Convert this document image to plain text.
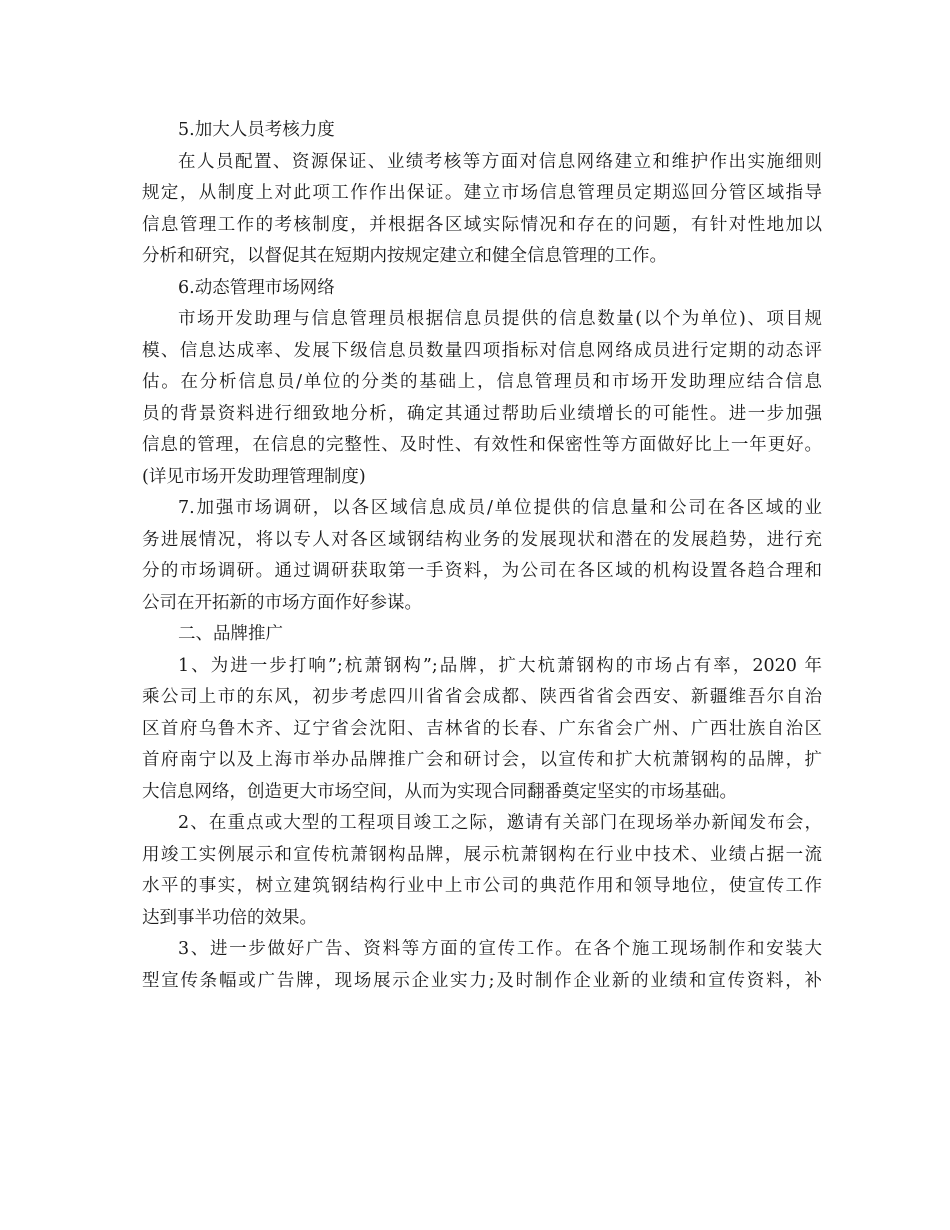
5.加大人员考核力度

在人员配置、资源保证、业绩考核等方面对信息网络建立和维护作出实施细则

规定，从制度上对此项工作作出保证。建立市场信息管理员定期巡回分管区域指导

信息管理工作的考核制度，并根据各区域实际情况和存在的问题，有针对性地加以

分析和研究，以督促其在短期内按规定建立和健全信息管理的工作。

6.动态管理市场网络

市场开发助理与信息管理员根据信息员提供的信息数量(以个为单位)、项目规

模、信息达成率、发展下级信息员数量四项指标对信息网络成员进行定期的动态评

估。在分析信息员/单位的分类的基础上，信息管理员和市场开发助理应结合信息

员的背景资料进行细致地分析，确定其通过帮助后业绩增长的可能性。进一步加强

信息的管理，在信息的完整性、及时性、有效性和保密性等方面做好比上一年更好。

(详见市场开发助理管理制度)

7.加强市场调研，以各区域信息成员/单位提供的信息量和公司在各区域的业

务进展情况，将以专人对各区域钢结构业务的发展现状和潜在的发展趋势，进行充

分的市场调研。通过调研获取第一手资料，为公司在各区域的机构设置各趋合理和

公司在开拓新的市场方面作好参谋。

二、品牌推广

1、为进一步打响”;杭萧钢构”;品牌，扩大杭萧钢构的市场占有率，2020 年

乘公司上市的东风，初步考虑四川省省会成都、陕西省省会西安、新疆维吾尔自治

区首府乌鲁木齐、辽宁省会沈阳、吉林省的长春、广东省会广州、广西壮族自治区

首府南宁以及上海市举办品牌推广会和研讨会，以宣传和扩大杭萧钢构的品牌，扩

大信息网络，创造更大市场空间，从而为实现合同翻番奠定坚实的市场基础。

2、在重点或大型的工程项目竣工之际，邀请有关部门在现场举办新闻发布会，

用竣工实例展示和宣传杭萧钢构品牌，展示杭萧钢构在行业中技术、业绩占据一流

水平的事实，树立建筑钢结构行业中上市公司的典范作用和领导地位，使宣传工作

达到事半功倍的效果。

3、进一步做好广告、资料等方面的宣传工作。在各个施工现场制作和安装大

型宣传条幅或广告牌，现场展示企业实力;及时制作企业新的业绩和宣传资料，补
